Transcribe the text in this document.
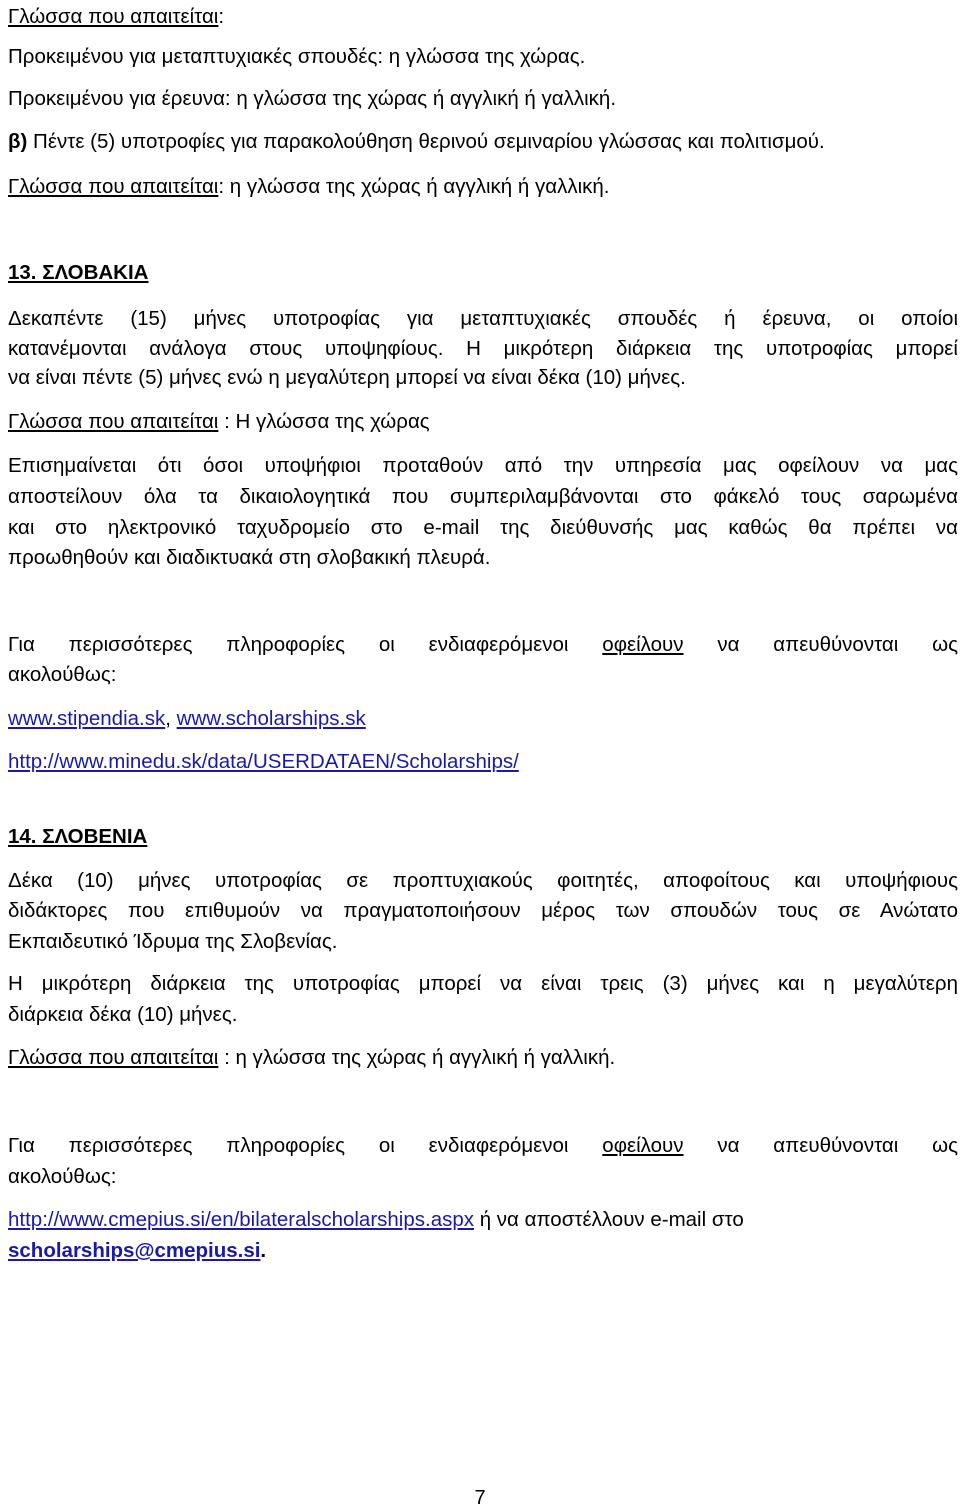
Γλώσσα που απαιτείται:
Προκειμένου για μεταπτυχιακές σπουδές: η γλώσσα της χώρας.
Προκειμένου για έρευνα: η γλώσσα της χώρας ή αγγλική ή γαλλική.
β) Πέντε (5) υποτροφίες για παρακολούθηση θερινού σεμιναρίου γλώσσας και πολιτισμού.
Γλώσσα που απαιτείται: η γλώσσα της χώρας ή αγγλική ή γαλλική.
13. ΣΛΟΒΑΚΙΑ
Δεκαπέντε (15) μήνες υποτροφίας για μεταπτυχιακές σπουδές ή έρευνα, οι οποίοι
κατανέμονται ανάλογα στους υποψηφίους. Η μικρότερη διάρκεια της υποτροφίας μπορεί
να είναι πέντε (5) μήνες ενώ η μεγαλύτερη μπορεί να είναι δέκα (10) μήνες.
Γλώσσα που απαιτείται : Η γλώσσα της χώρας
Επισημαίνεται ότι όσοι υποψήφιοι προταθούν από την υπηρεσία μας οφείλουν να μας
αποστείλουν όλα τα δικαιολογητικά που συμπεριλαμβάνονται στο φάκελό τους σαρωμένα
και στο ηλεκτρονικό ταχυδρομείο στο e-mail της διεύθυνσής μας καθώς θα πρέπει να
προωθηθούν και διαδικτυακά στη σλοβακική πλευρά.
Για περισσότερες πληροφορίες οι ενδιαφερόμενοι οφείλουν να απευθύνονται ως
ακολούθως:
www.stipendia.sk, www.scholarships.sk
http://www.minedu.sk/data/USERDATAEN/Scholarships/
14. ΣΛΟΒΕΝΙΑ
Δέκα (10) μήνες υποτροφίας σε προπτυχιακούς φοιτητές, αποφοίτους και υποψήφιους
διδάκτορες που επιθυμούν να πραγματοποιήσουν μέρος των σπουδών τους σε Ανώτατο
Εκπαιδευτικό Ίδρυμα της Σλοβενίας.
Η μικρότερη διάρκεια της υποτροφίας μπορεί να είναι τρεις (3) μήνες και η μεγαλύτερη
διάρκεια δέκα (10) μήνες.
Γλώσσα που απαιτείται : η γλώσσα της χώρας ή αγγλική ή γαλλική.
Για περισσότερες πληροφορίες οι ενδιαφερόμενοι οφείλουν να απευθύνονται ως
ακολούθως:
http://www.cmepius.si/en/bilateralscholarships.aspx ή να αποστέλλουν e-mail στο
scholarships@cmepius.si.
7
